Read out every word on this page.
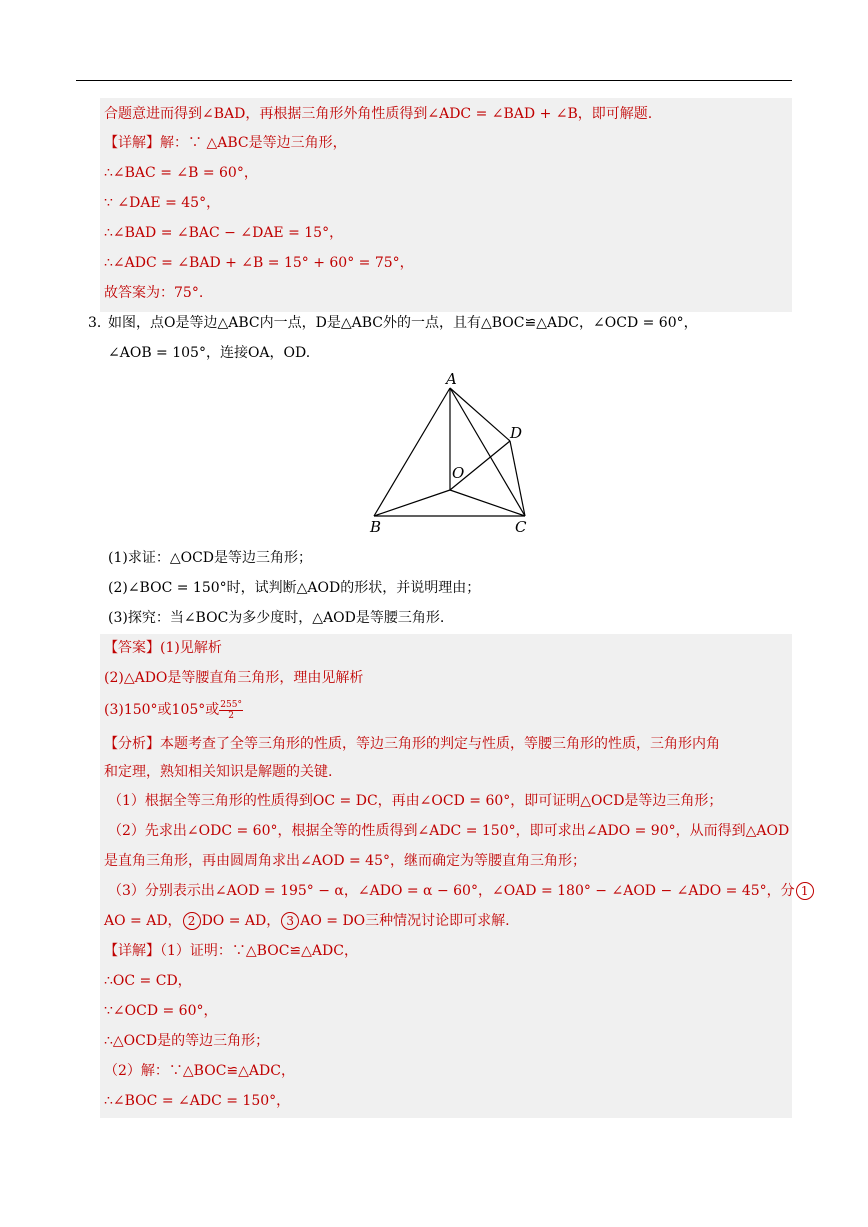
合题意进而得到∠BAD，再根据三角形外角性质得到∠ADC = ∠BAD + ∠B，即可解题.
【详解】解：∵ △ABC是等边三角形，
∴∠BAC = ∠B = 60°，
∵ ∠DAE = 45°，
∴∠BAD = ∠BAC − ∠DAE = 15°，
∴∠ADC = ∠BAD + ∠B = 15° + 60° = 75°，
故答案为：75°.
3．
如图，点O是等边△ABC内一点，D是△ABC外的一点，且有△BOC≌△ADC，∠OCD = 60°，
∠AOB = 105°，连接OA，OD.
A
B	C
D
O
(1)求证：△OCD是等边三角形；
(2)∠BOC = 150°时，试判断△AOD的形状，并说明理由；
(3)探究：当∠BOC为多少度时，△AOD是等腰三角形.
【答案】(1)见解析
(2)△ADO是等腰直角三角形，理由见解析
(3)150°或105°或 $\frac{255^\circ}{2}$
【分析】本题考查了全等三角形的性质，等边三角形的判定与性质，等腰三角形的性质，三角形内角
和定理，熟知相关知识是解题的关键.
（1）根据全等三角形的性质得到OC = DC，再由∠OCD = 60°，即可证明△OCD是等边三角形；
（2）先求出∠ODC = 60°，根据全等的性质得到∠ADC = 150°，即可求出∠ADO = 90°，从而得到△AOD
是直角三角形，再由圆周角求出∠AOD = 45°，继而确定为等腰直角三角形；
（3）分别表示出∠AOD = 195° − α，∠ADO = α − 60°，∠OAD = 180° − ∠AOD − ∠ADO = 45°，分 1
AO = AD， 2 DO = AD， 3 AO = DO三种情况讨论即可求解.
【详解】（1）证明：∵△BOC≌△ADC，
∴OC = CD，
∵∠OCD = 60°，
∴△OCD是的等边三角形；
（2）解：∵△BOC≌△ADC，
∴∠BOC = ∠ADC = 150°，
